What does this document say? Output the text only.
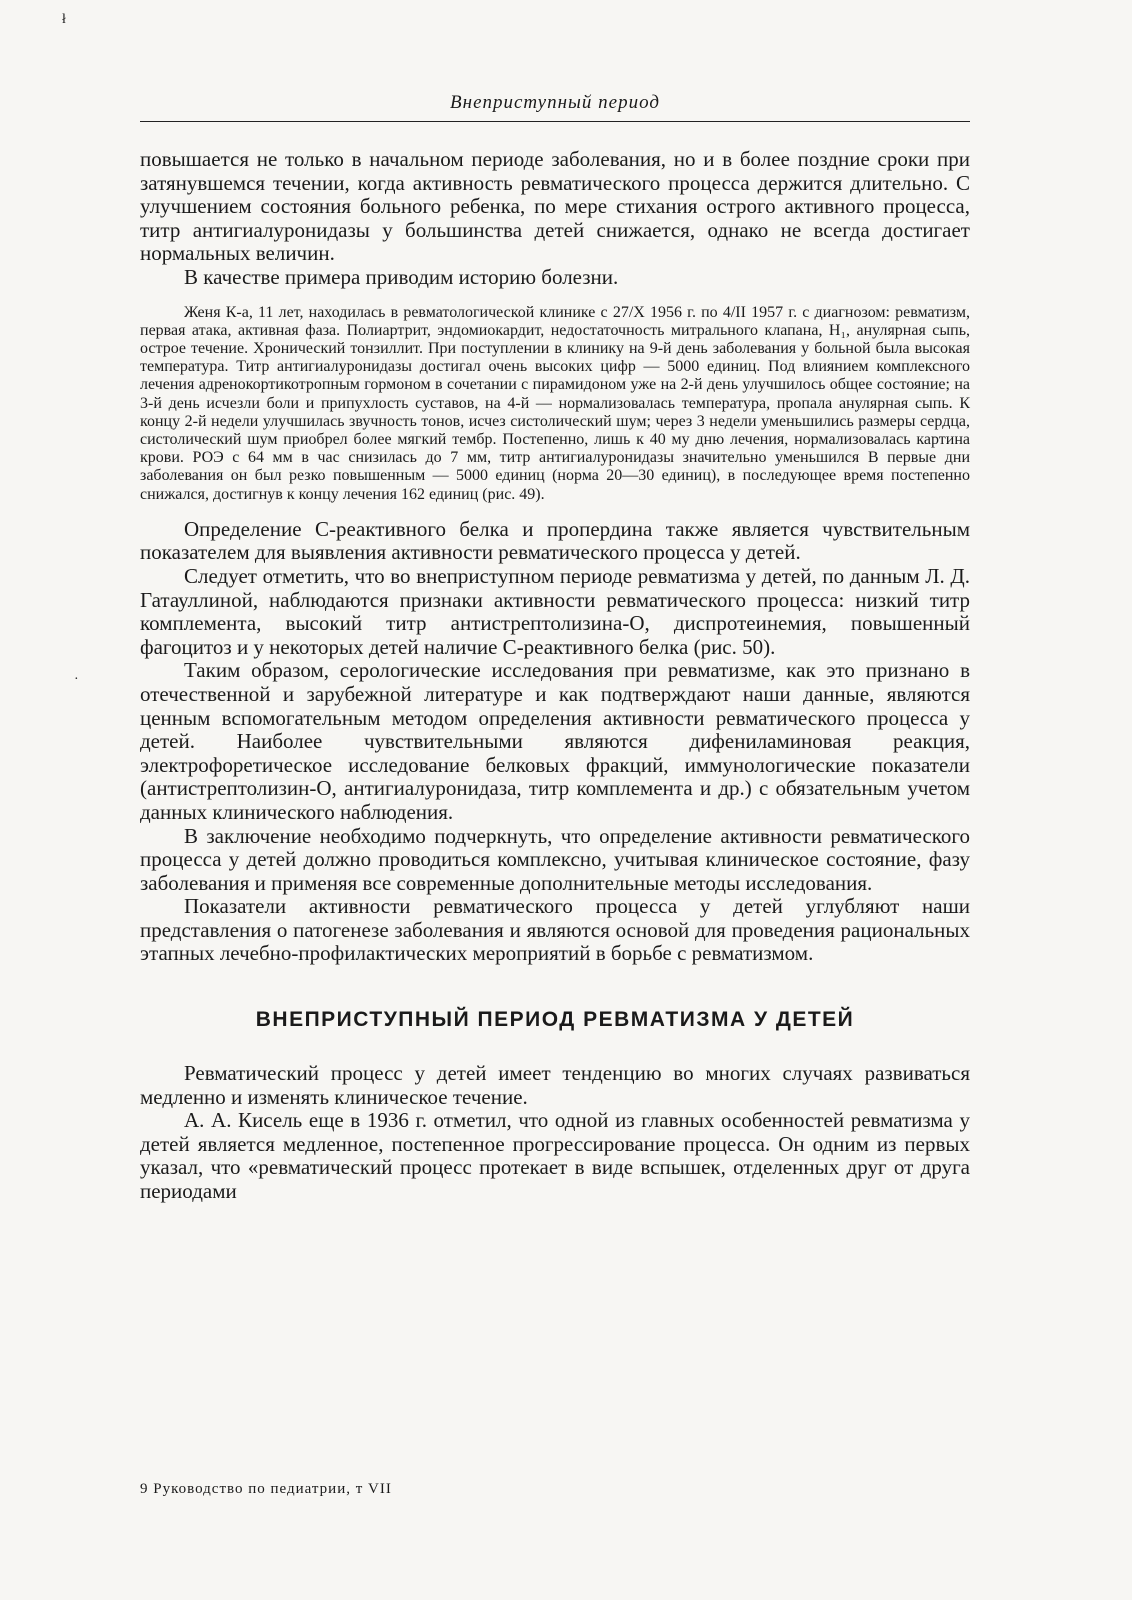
ł
·
Внеприступный период

повышается не только в начальном периоде заболевания, но и в более поздние сроки при затянувшемся течении, когда активность ревматического процесса держится длительно. С улучшением состояния больного ребенка, по мере стихания острого активного процесса, титр антигиалуронидазы у большинства детей снижается, однако не всегда достигает нормальных величин.

В качестве примера приводим историю болезни.

Женя К-а, 11 лет, находилась в ревматологической клинике с 27/X 1956 г. по 4/II 1957 г. с диагнозом: ревматизм, первая атака, активная фаза. Полиартрит, эндомиокардит, недостаточность митрального клапана, H₁, анулярная сыпь, острое течение. Хронический тонзиллит. При поступлении в клинику на 9-й день заболевания у больной была высокая температура. Титр антигиалуронидазы достигал очень высоких цифр — 5000 единиц. Под влиянием комплексного лечения адренокортикотропным гормоном в сочетании с пирамидоном уже на 2-й день улучшилось общее состояние; на 3-й день исчезли боли и припухлость суставов, на 4-й — нормализовалась температура, пропала анулярная сыпь. К концу 2-й недели улучшилась звучность тонов, исчез систолический шум; через 3 недели уменьшились размеры сердца, систолический шум приобрел более мягкий тембр. Постепенно, лишь к 40 му дню лечения, нормализовалась картина крови. РОЭ с 64 мм в час снизилась до 7 мм, титр антигиалуронидазы значительно уменьшился В первые дни заболевания он был резко повышенным — 5000 единиц (норма 20—30 единиц), в последующее время постепенно снижался, достигнув к концу лечения 162 единиц (рис. 49).

Определение С-реактивного белка и пропердина также является чувствительным показателем для выявления активности ревматического процесса у детей.

Следует отметить, что во внеприступном периоде ревматизма у детей, по данным Л. Д. Гатауллиной, наблюдаются признаки активности ревматического процесса: низкий титр комплемента, высокий титр антистрептолизина-О, диспротеинемия, повышенный фагоцитоз и у некоторых детей наличие С-реактивного белка (рис. 50).

Таким образом, серологические исследования при ревматизме, как это признано в отечественной и зарубежной литературе и как подтверждают наши данные, являются ценным вспомогательным методом определения активности ревматического процесса у детей. Наиболее чувствительными являются дифениламиновая реакция, электрофоретическое исследование белковых фракций, иммунологические показатели (антистрептолизин-О, антигиалуронидаза, титр комплемента и др.) с обязательным учетом данных клинического наблюдения.

В заключение необходимо подчеркнуть, что определение активности ревматического процесса у детей должно проводиться комплексно, учитывая клиническое состояние, фазу заболевания и применяя все современные дополнительные методы исследования.

Показатели активности ревматического процесса у детей углубляют наши представления о патогенезе заболевания и являются основой для проведения рациональных этапных лечебно-профилактических мероприятий в борьбе с ревматизмом.

ВНЕПРИСТУПНЫЙ ПЕРИОД РЕВМАТИЗМА У ДЕТЕЙ

Ревматический процесс у детей имеет тенденцию во многих случаях развиваться медленно и изменять клиническое течение.

А. А. Кисель еще в 1936 г. отметил, что одной из главных особенностей ревматизма у детей является медленное, постепенное прогрессирование процесса. Он одним из первых указал, что «ревматический процесс протекает в виде вспышек, отделенных друг от друга периодами

9 Руководство по педиатрии, т VII
